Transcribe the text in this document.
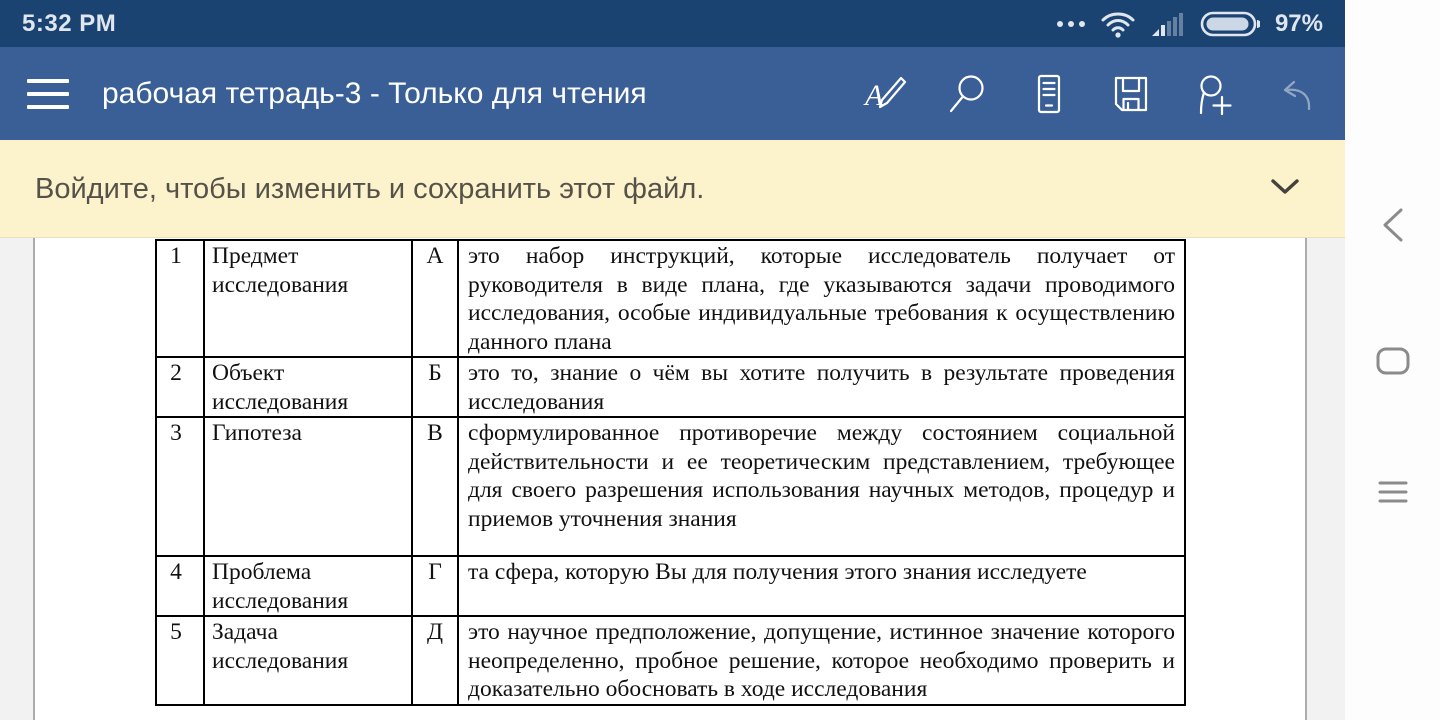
5:32 PM	97%
рабочая тетрадь-3 - Только для чтения	A
Войдите, чтобы изменить и сохранить этот файл.
1	Предмет исследования	А	это набор инструкций, которые исследователь получает от руководителя в виде плана, где указываются задачи проводимого исследования, особые индивидуальные требования к осуществлению данного плана
2	Объект исследования	Б	это то, знание о чём вы хотите получить в результате проведения исследования
3	Гипотеза	В	сформулированное противоречие между состоянием социальной действительности и ее теоретическим представлением, требующее для своего разрешения использования научных методов, процедур и приемов уточнения знания
4	Проблема исследования	Г	та сфера, которую Вы для получения этого знания исследуете
5	Задача исследования	Д	это научное предположение, допущение, истинное значение которого неопределенно, пробное решение, которое необходимо проверить и доказательно обосновать в ходе исследования
